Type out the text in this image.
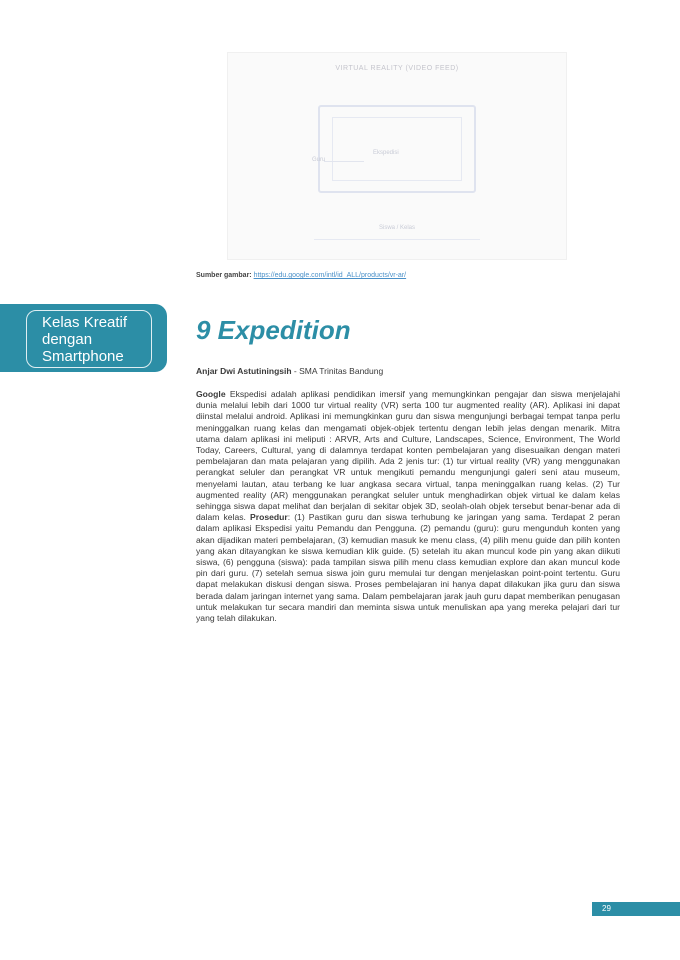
VIRTUAL REALITY (VIDEO FEED)
Ekspedisi
Guru
Siswa / Kelas
Sumber gambar: https://edu.google.com/intl/id_ALL/products/vr-ar/
Kelas Kreatif
dengan
Smartphone
9 Expedition
Anjar Dwi Astutiningsih - SMA Trinitas Bandung
Google Ekspedisi adalah aplikasi pendidikan imersif yang memungkinkan pengajar dan siswa menjelajahi dunia melalui lebih dari 1000 tur virtual reality (VR) serta 100 tur augmented reality (AR). Aplikasi ini dapat diinstal melalui android. Aplikasi ini memungkinkan guru dan siswa mengunjungi berbagai tempat tanpa perlu meninggalkan ruang kelas dan mengamati objek-objek tertentu dengan lebih jelas dengan menarik. Mitra utama dalam aplikasi ini meliputi : ARVR, Arts and Culture, Landscapes, Science, Environment, The World Today, Careers, Cultural, yang di dalamnya terdapat konten pembelajaran yang disesuaikan dengan materi pembelajaran dan mata pelajaran yang dipilih. Ada 2 jenis tur: (1) tur virtual reality (VR) yang menggunakan perangkat seluler dan perangkat VR untuk mengikuti pemandu mengunjungi galeri seni atau museum, menyelami lautan, atau terbang ke luar angkasa secara virtual, tanpa meninggalkan ruang kelas. (2) Tur augmented reality (AR) menggunakan perangkat seluler untuk menghadirkan objek virtual ke dalam kelas sehingga siswa dapat melihat dan berjalan di sekitar objek 3D, seolah-olah objek tersebut benar-benar ada di dalam kelas. Prosedur: (1) Pastikan guru dan siswa terhubung ke jaringan yang sama. Terdapat 2 peran dalam aplikasi Ekspedisi yaitu Pemandu dan Pengguna. (2) pemandu (guru): guru mengunduh konten yang akan dijadikan materi pembelajaran, (3) kemudian masuk ke menu class, (4) pilih menu guide dan pilih konten yang akan ditayangkan ke siswa kemudian klik guide. (5) setelah itu akan muncul kode pin yang akan diikuti siswa, (6) pengguna (siswa): pada tampilan siswa pilih menu class kemudian explore dan akan muncul kode pin dari guru. (7) setelah semua siswa join guru memulai tur dengan menjelaskan point-point tertentu. Guru dapat melakukan diskusi dengan siswa. Proses pembelajaran ini hanya dapat dilakukan jika guru dan siswa berada dalam jaringan internet yang sama. Dalam pembelajaran jarak jauh guru dapat memberikan penugasan untuk melakukan tur secara mandiri dan meminta siswa untuk menuliskan apa yang mereka pelajari dari tur yang telah dilakukan.
29
